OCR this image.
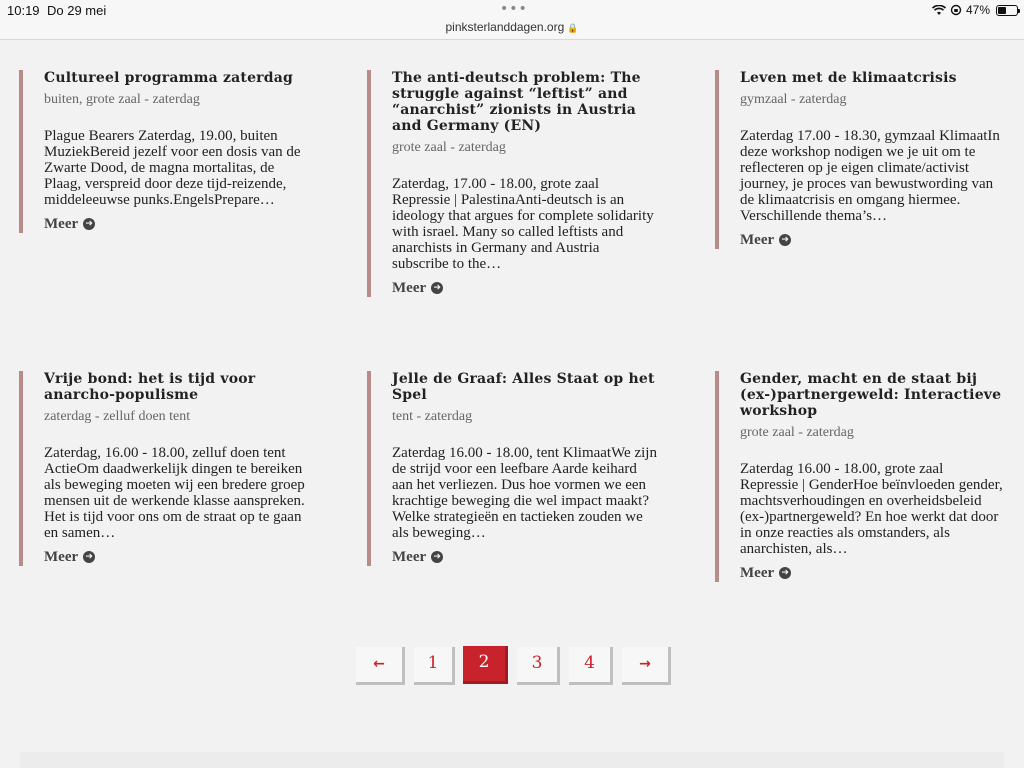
10:19 Do 29 mei	•••
pinksterlanddagen.org 🔒
47%
Cultureel programma zaterdag
buiten, grote zaal - zaterdag
Plague Bearers Zaterdag, 19.00, buiten MuziekBereid jezelf voor een dosis van de Zwarte Dood, de magna mortalitas, de Plaag, verspreid door deze tijd-reizende, middeleeuwse punks.EngelsPrepare…
Meer ➜
The anti-deutsch problem: The struggle against “leftist” and “anarchist” zionists in Austria and Germany (EN)
grote zaal - zaterdag
Zaterdag, 17.00 - 18.00, grote zaal Repressie | PalestinaAnti-deutsch is an ideology that argues for complete solidarity with israel. Many so called leftists and anarchists in Germany and Austria subscribe to the…
Meer ➜
Leven met de klimaatcrisis
gymzaal - zaterdag
Zaterdag 17.00 - 18.30, gymzaal KlimaatIn deze workshop nodigen we je uit om te reflecteren op je eigen climate/activist journey, je proces van bewustwording van de klimaatcrisis en omgang hiermee. Verschillende thema’s…
Meer ➜
Vrije bond: het is tijd voor anarcho-populisme
zaterdag - zelluf doen tent
Zaterdag, 16.00 - 18.00, zelluf doen tent ActieOm daadwerkelijk dingen te bereiken als beweging moeten wij een bredere groep mensen uit de werkende klasse aanspreken. Het is tijd voor ons om de straat op te gaan en samen…
Meer ➜
Jelle de Graaf: Alles Staat op het Spel
tent - zaterdag
Zaterdag 16.00 - 18.00, tent KlimaatWe zijn de strijd voor een leefbare Aarde keihard aan het verliezen. Dus hoe vormen we een krachtige beweging die wel impact maakt? Welke strategieën en tactieken zouden we als beweging…
Meer ➜
Gender, macht en de staat bij (ex-)partnergeweld: Interactieve workshop
grote zaal - zaterdag
Zaterdag 16.00 - 18.00, grote zaal Repressie | GenderHoe beïnvloeden gender, machtsverhoudingen en overheidsbeleid (ex-)partnergeweld? En hoe werkt dat door in onze reacties als omstanders, als anarchisten, als…
Meer ➜
←	1	2	3	4	→
